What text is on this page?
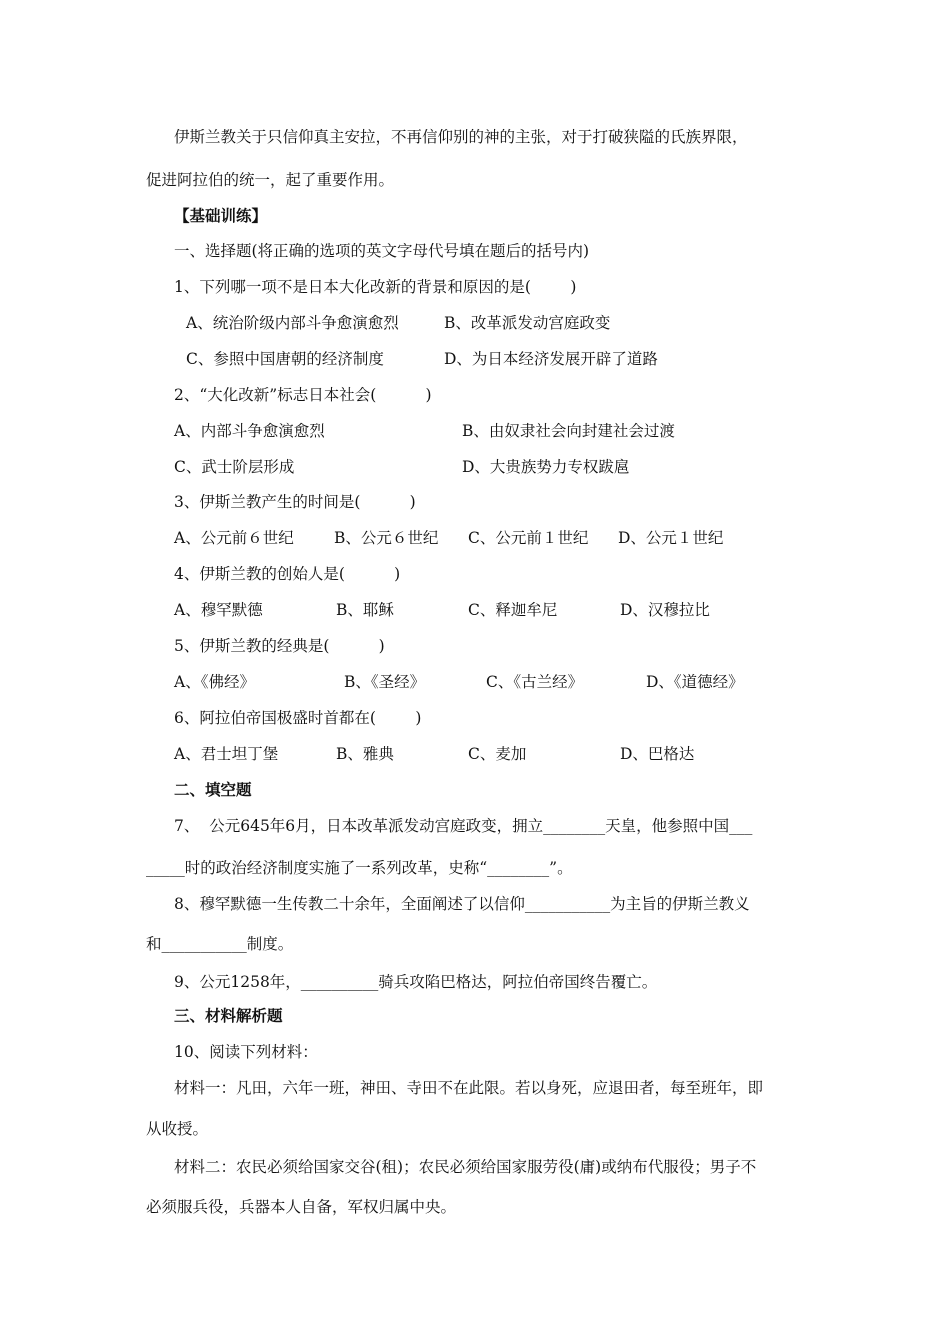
伊斯兰教关于只信仰真主安拉，不再信仰别的神的主张，对于打破狭隘的氏族界限，
促进阿拉伯的统一，起了重要作用。
【基础训练】
一、选择题(将正确的选项的英文字母代号填在题后的括号内)
1、下列哪一项不是日本大化改新的背景和原因的是(        )
A、统治阶级内部斗争愈演愈烈	B、改革派发动宫庭政变
C、参照中国唐朝的经济制度	D、为日本经济发展开辟了道路
2、“大化改新”标志日本社会(          )
A、内部斗争愈演愈烈	B、由奴隶社会向封建社会过渡
C、武士阶层形成	D、大贵族势力专权跋扈
3、伊斯兰教产生的时间是(          )
A、公元前６世纪	B、公元６世纪 C、公元前１世纪 D、公元１世纪
4、伊斯兰教的创始人是(          )
A、穆罕默德	B、耶稣	C、释迦牟尼	D、汉穆拉比
5、伊斯兰教的经典是(          )
A、《佛经》	B、《圣经》	C、《古兰经》	D、《道德经》
6、阿拉伯帝国极盛时首都在(        )
A、君士坦丁堡	B、雅典	C、麦加	D、巴格达
二、填空题
7、  公元645年6月，日本改革派发动宫庭政变，拥立________天皇，他参照中国___
_____时的政治经济制度实施了一系列改革，史称“________”。
8、穆罕默德一生传教二十余年，全面阐述了以信仰___________为主旨的伊斯兰教义
和___________制度。
9、公元1258年，__________骑兵攻陷巴格达，阿拉伯帝国终告覆亡。
三、材料解析题
10、阅读下列材料：
材料一：凡田，六年一班，神田、寺田不在此限。若以身死，应退田者，每至班年，即
从收授。
材料二：农民必须给国家交谷(租)；农民必须给国家服劳役(庸)或纳布代服役；男子不
必须服兵役，兵器本人自备，军权归属中央。
